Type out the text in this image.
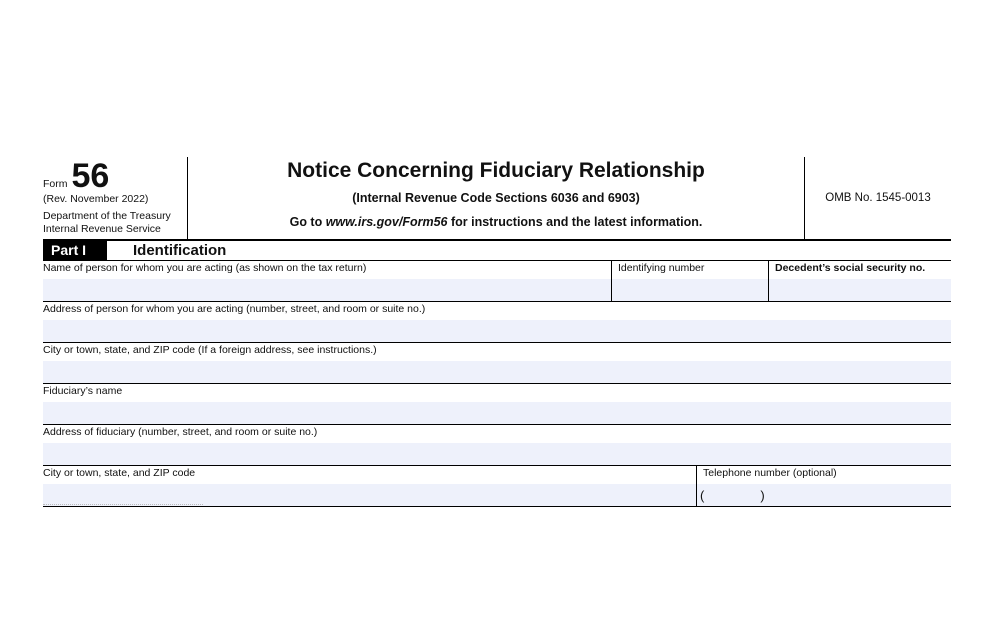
Form 56
(Rev. November 2022)
Department of the Treasury
Internal Revenue Service
Notice Concerning Fiduciary Relationship
(Internal Revenue Code Sections 6036 and 6903)
Go to www.irs.gov/Form56 for instructions and the latest information.
OMB No. 1545-0013
Part I	Identification
Name of person for whom you are acting (as shown on the tax return)	Identifying number	Decedent’s social security no.
Address of person for whom you are acting (number, street, and room or suite no.)
City or town, state, and ZIP code (If a foreign address, see instructions.)
Fiduciary’s name
Address of fiduciary (number, street, and room or suite no.)
City or town, state, and ZIP code	Telephone number (optional)
(	)
